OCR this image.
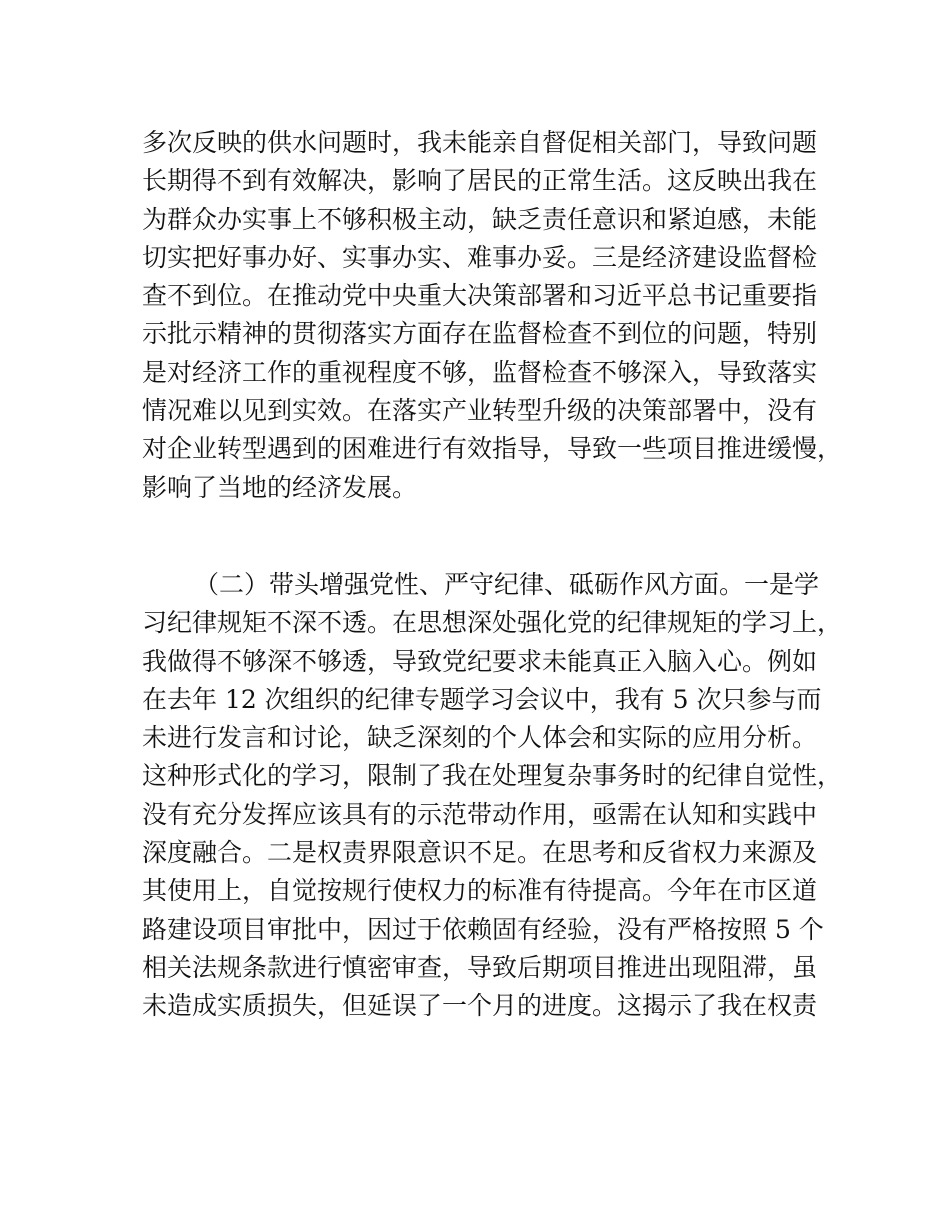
多次反映的供水问题时，我未能亲自督促相关部门，导致问题
长期得不到有效解决，影响了居民的正常生活。这反映出我在
为群众办实事上不够积极主动，缺乏责任意识和紧迫感，未能
切实把好事办好、实事办实、难事办妥。三是经济建设监督检
查不到位。在推动党中央重大决策部署和习近平总书记重要指
示批示精神的贯彻落实方面存在监督检查不到位的问题，特别
是对经济工作的重视程度不够，监督检查不够深入，导致落实
情况难以见到实效。在落实产业转型升级的决策部署中，没有
对企业转型遇到的困难进行有效指导，导致一些项目推进缓慢，
影响了当地的经济发展。
（二）带头增强党性、严守纪律、砥砺作风方面。一是学
习纪律规矩不深不透。在思想深处强化党的纪律规矩的学习上，
我做得不够深不够透，导致党纪要求未能真正入脑入心。例如
在去年 12 次组织的纪律专题学习会议中，我有 5 次只参与而
未进行发言和讨论，缺乏深刻的个人体会和实际的应用分析。
这种形式化的学习，限制了我在处理复杂事务时的纪律自觉性，
没有充分发挥应该具有的示范带动作用，亟需在认知和实践中
深度融合。二是权责界限意识不足。在思考和反省权力来源及
其使用上，自觉按规行使权力的标准有待提高。今年在市区道
路建设项目审批中，因过于依赖固有经验，没有严格按照 5 个
相关法规条款进行慎密审查，导致后期项目推进出现阻滞，虽
未造成实质损失，但延误了一个月的进度。这揭示了我在权责
